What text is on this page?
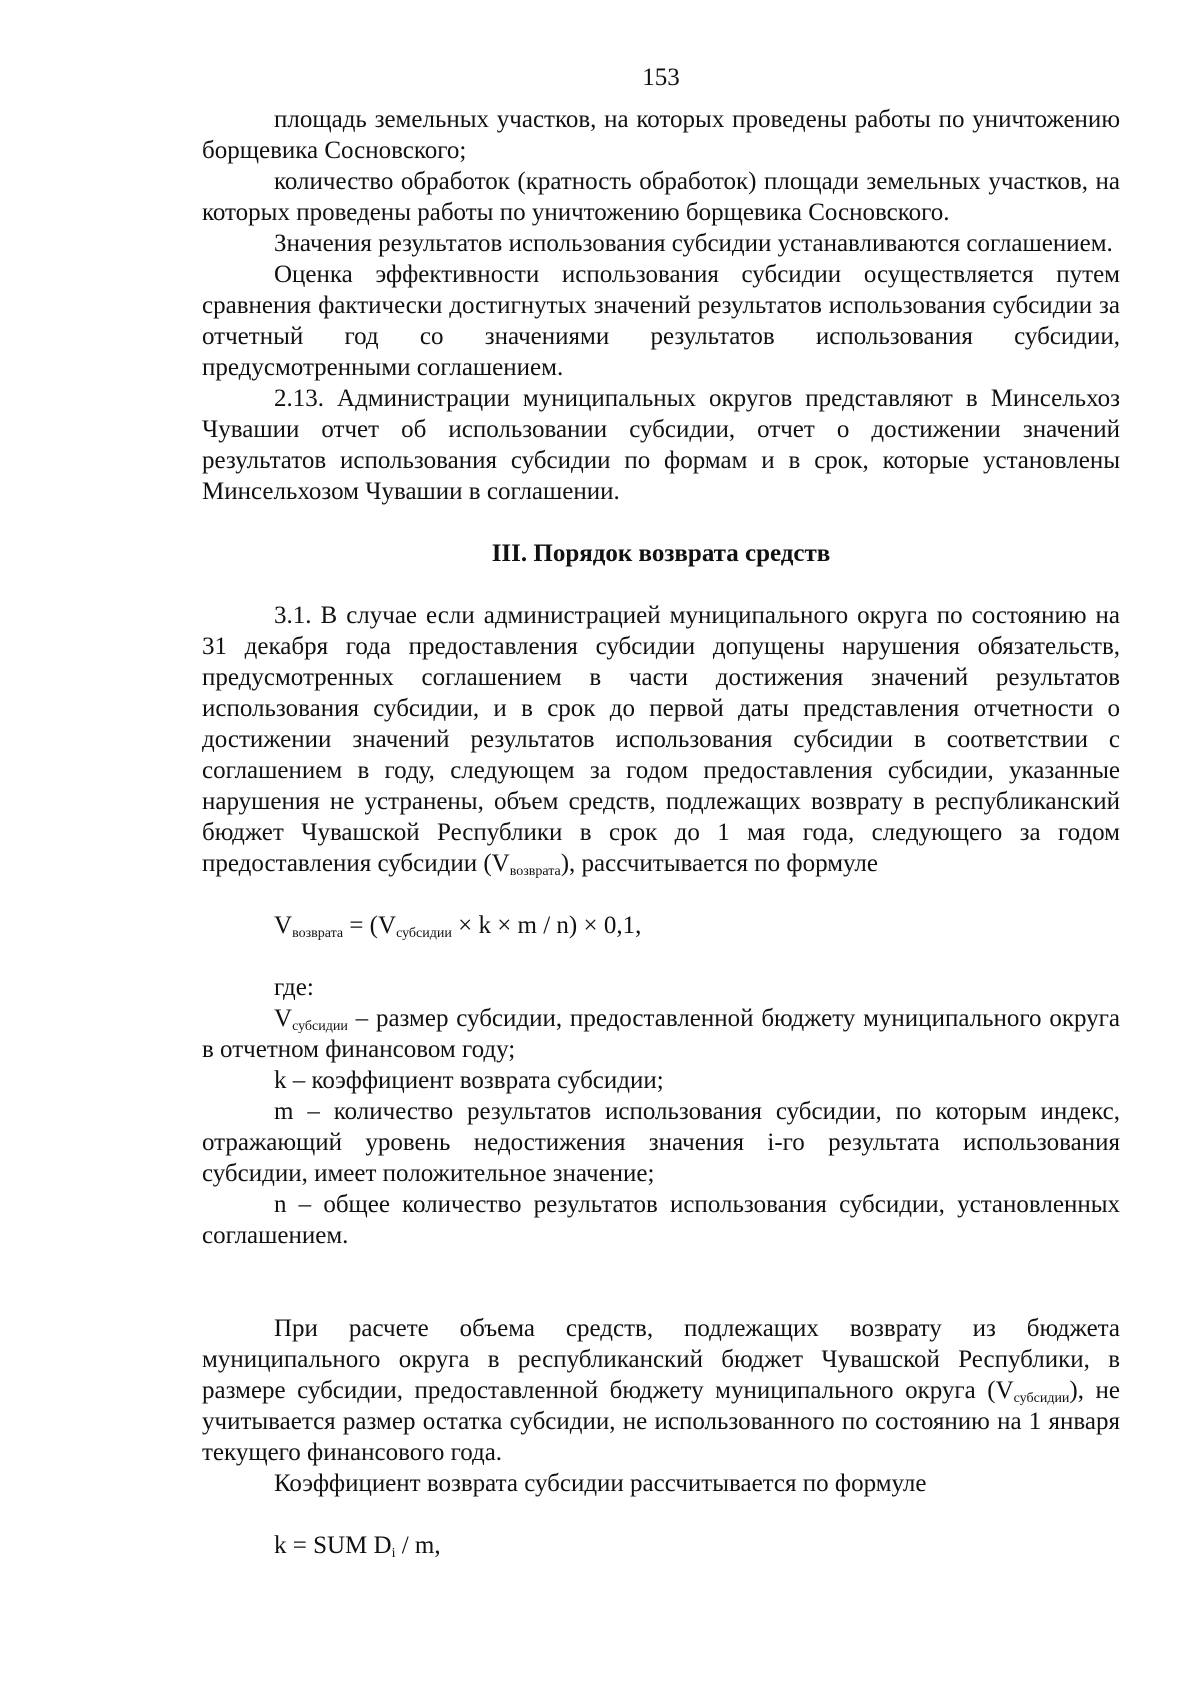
153

площадь земельных участков, на которых проведены работы по уничтожению борщевика Сосновского;

количество обработок (кратность обработок) площади земельных участков, на которых проведены работы по уничтожению борщевика Сосновского.

Значения результатов использования субсидии устанавливаются соглашением.

Оценка эффективности использования субсидии осуществляется путем сравнения фактически достигнутых значений результатов использования субсидии за отчетный год со значениями результатов использования субсидии, предусмотренными соглашением.

2.13. Администрации муниципальных округов представляют в Минсельхоз Чувашии отчет об использовании субсидии, отчет о достижении значений результатов использования субсидии по формам и в срок, которые установлены Минсельхозом Чувашии в соглашении.

III. Порядок возврата средств

3.1. В случае если администрацией муниципального округа по состоянию на 31 декабря года предоставления субсидии допущены нарушения обязательств, предусмотренных соглашением в части достижения значений результатов использования субсидии, и в срок до первой даты представления отчетности о достижении значений результатов использования субсидии в соответствии с соглашением в году, следующем за годом предоставления субсидии, указанные нарушения не устранены, объем средств, подлежащих возврату в республиканский бюджет Чувашской Республики в срок до 1 мая года, следующего за годом предоставления субсидии $(V_{возврата})$, рассчитывается по формуле

$V_{возврата} = (V_{субсидии} \times k \times m / n) \times 0,1$,
где:

$V_{субсидии}$ – размер субсидии, предоставленной бюджету муниципального округа в отчетном финансовом году;

k – коэффициент возврата субсидии;

m – количество результатов использования субсидии, по которым индекс, отражающий уровень недостижения значения i-го результата использования субсидии, имеет положительное значение;

n – общее количество результатов использования субсидии, установленных соглашением.

При расчете объема средств, подлежащих возврату из бюджета муниципального округа в республиканский бюджет Чувашской Республики, в размере субсидии, предоставленной бюджету муниципального округа $(V_{субсидии})$, не учитывается размер остатка субсидии, не использованного по состоянию на 1 января текущего финансового года.

Коэффициент возврата субсидии рассчитывается по формуле

k = SUM $D_i$ / m,
